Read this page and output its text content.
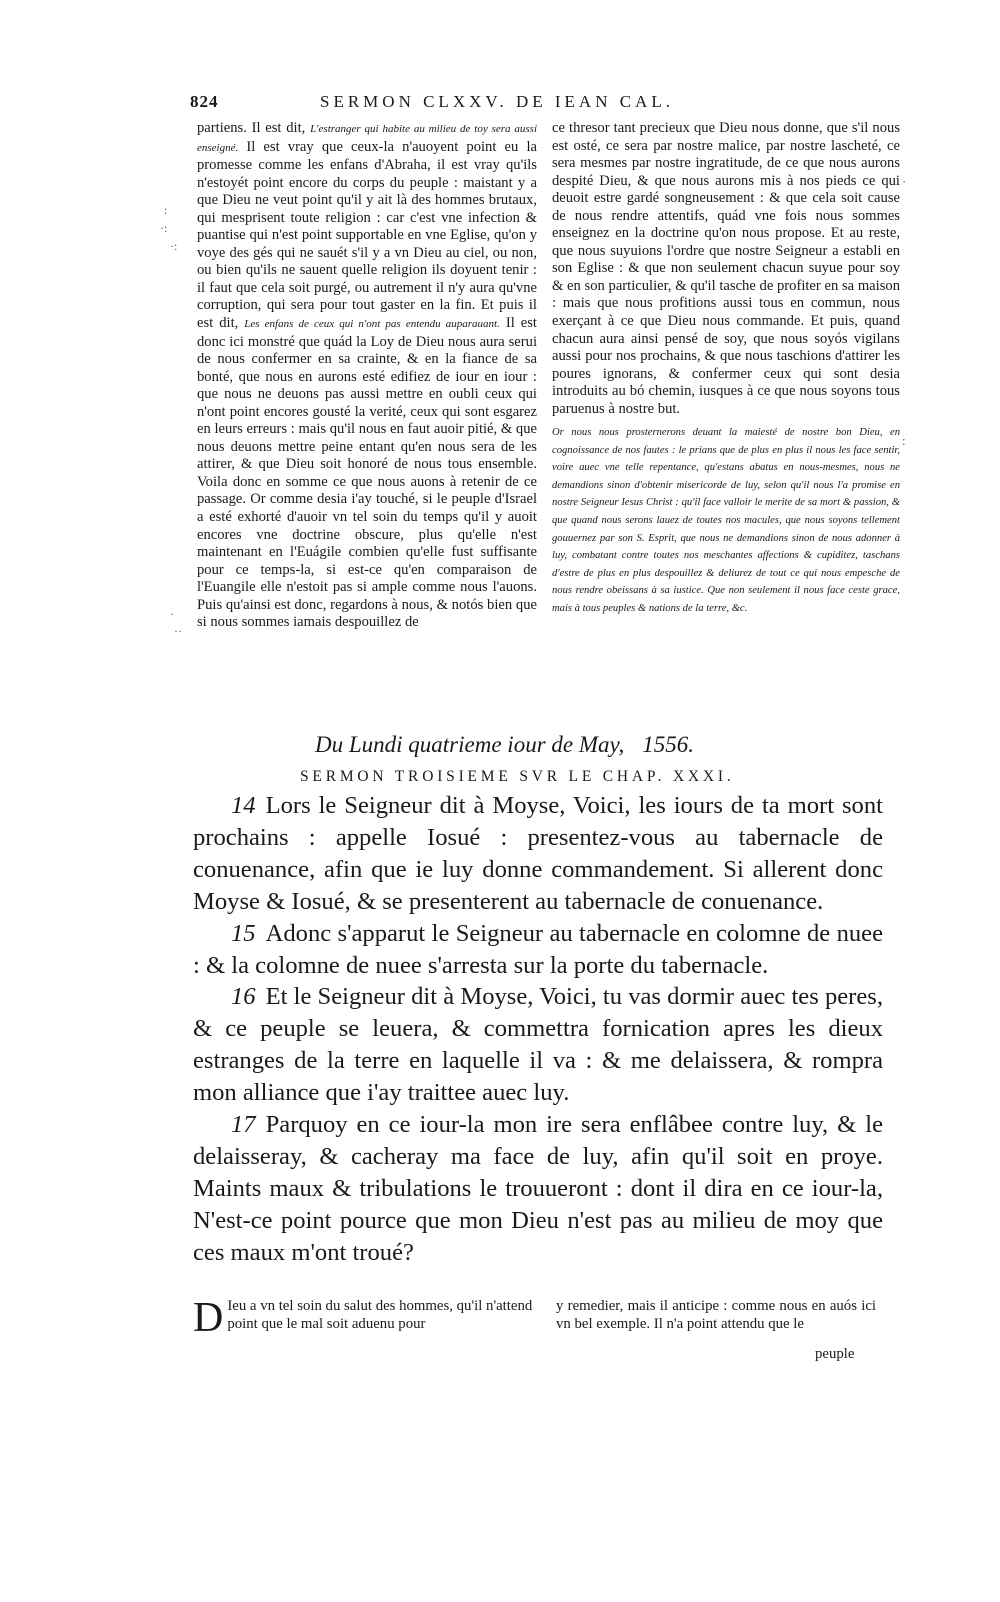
824	SERMON CLXXV. DE IEAN CAL.
:
·:
·:
·
··
·
:

partiens. Il est dit, L'estranger qui habite au milieu de toy sera aussi enseigné. Il est vray que ceux-la n'auoyent point eu la promesse comme les enfans d'Abraha, il est vray qu'ils n'estoyét point encore du corps du peuple : maistant y a que Dieu ne veut point qu'il y ait là des hommes brutaux, qui mesprisent toute religion : car c'est vne infection & puantise qui n'est point supportable en vne Eglise, qu'on y voye des gés qui ne sauét s'il y a vn Dieu au ciel, ou non, ou bien qu'ils ne sauent quelle religion ils doyuent tenir : il faut que cela soit purgé, ou autrement il n'y aura qu'vne corruption, qui sera pour tout gaster en la fin. Et puis il est dit, Les enfans de ceux qui n'ont pas entendu auparauant. Il est donc ici monstré que quád la Loy de Dieu nous aura serui de nous confermer en sa crainte, & en la fiance de sa bonté, que nous en aurons esté edifiez de iour en iour : que nous ne deuons pas aussi mettre en oubli ceux qui n'ont point encores gousté la verité, ceux qui sont esgarez en leurs erreurs : mais qu'il nous en faut auoir pitié, & que nous deuons mettre peine entant qu'en nous sera de les attirer, & que Dieu soit honoré de nous tous ensemble. Voila donc en somme ce que nous auons à retenir de ce passage. Or comme desia i'ay touché, si le peuple d'Israel a esté exhorté d'auoir vn tel soin du temps qu'il y auoit encores vne doctrine obscure, plus qu'elle n'est maintenant en l'Euágile combien qu'elle fust suffisante pour ce temps-la, si est-ce qu'en comparaison de l'Euangile elle n'estoit pas si ample comme nous l'auons. Puis qu'ainsi est donc, regardons à nous, & notós bien que si nous sommes iamais despouillez de

ce thresor tant precieux que Dieu nous donne, que s'il nous est osté, ce sera par nostre malice, par nostre lascheté, ce sera mesmes par nostre ingratitude, de ce que nous aurons despité Dieu, & que nous aurons mis à nos pieds ce qui deuoit estre gardé songneusement : & que cela soit cause de nous rendre attentifs, quád vne fois nous sommes enseignez en la doctrine qu'on nous propose. Et au reste, que nous suyuions l'ordre que nostre Seigneur a establi en son Eglise : & que non seulement chacun suyue pour soy & en son particulier, & qu'il tasche de profiter en sa maison : mais que nous profitions aussi tous en commun, nous exerçant à ce que Dieu nous commande. Et puis, quand chacun aura ainsi pensé de soy, que nous soyós vigilans aussi pour nos prochains, & que nous taschions d'attirer les poures ignorans, & confermer ceux qui sont desia introduits au bó chemin, iusques à ce que nous soyons tous paruenus à nostre but.

Or nous nous prosternerons deuant la maiesté de nostre bon Dieu, en cognoissance de nos fautes : le prians que de plus en plus il nous les face sentir, voire auec vne telle repentance, qu'estans abatus en nous-mesmes, nous ne demandions sinon d'obtenir misericorde de luy, selon qu'il nous l'a promise en nostre Seigneur Iesus Christ : qu'il face valloir le merite de sa mort & passion, & que quand nous serons lauez de toutes nos macules, que nous soyons tellement gouuernez par son S. Esprit, que nous ne demandions sinon de nous adonner à luy, combatant contre toutes nos meschantes affections & cupiditez, taschans d'estre de plus en plus despouillez & deliurez de tout ce qui nous empesche de nous rendre obeissans à sa iustice. Que non seulement il nous face ceste grace, mais à tous peuples & nations de la terre, &c.

Du Lundi quatrieme iour de May, 1556.
SERMON TROISIEME SVR LE CHAP. XXXI.

14 Lors le Seigneur dit à Moyse, Voici, les iours de ta mort sont prochains : appelle Iosué : presentez-vous au tabernacle de conuenance, afin que ie luy donne commandement. Si allerent donc Moyse & Iosué, & se presenterent au tabernacle de conuenance.

15 Adonc s'apparut le Seigneur au tabernacle en colomne de nuee : & la colomne de nuee s'arresta sur la porte du tabernacle.

16 Et le Seigneur dit à Moyse, Voici, tu vas dormir auec tes peres, & ce peuple se leuera, & commettra fornication apres les dieux estranges de la terre en laquelle il va : & me delaissera, & rompra mon alliance que i'ay traittee auec luy.

17 Parquoy en ce iour-la mon ire sera enflâbee contre luy, & le delaisseray, & cacheray ma face de luy, afin qu'il soit en proye. Maints maux & tribulations le trouueront : dont il dira en ce iour-la, N'est-ce point pource que mon Dieu n'est pas au milieu de moy que ces maux m'ont troué?

D Ieu a vn tel soin du salut des hommes, qu'il n'attend point que le mal soit aduenu pour
y remedier, mais il anticipe : comme nous en auós ici vn bel exemple. Il n'a point attendu que le
peuple
